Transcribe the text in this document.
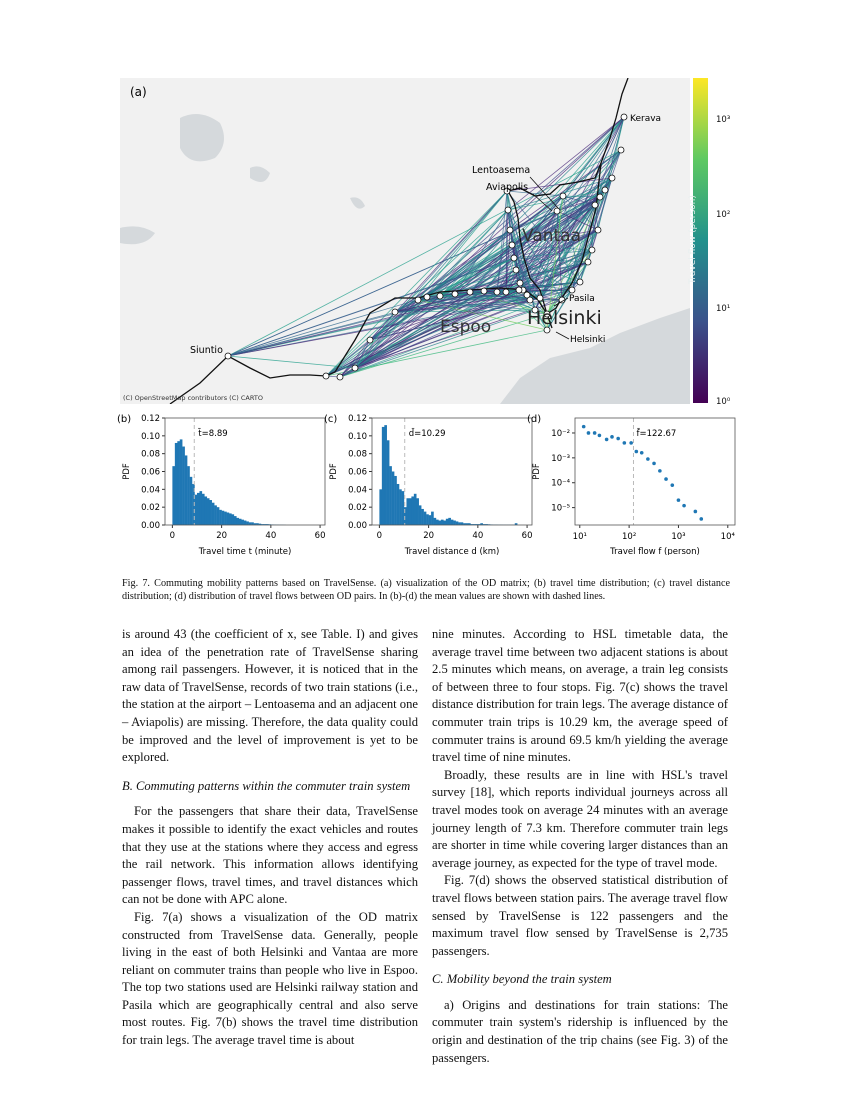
(a)
Kerava
Lentoasema
Aviapolis
Pasila
Helsinki
Siuntio
Vantaa
Espoo Helsinki
(C) OpenStreetMap contributors (C) CARTO
Travel flow (person)
10⁰
10¹
10²
10³
t̄=8.89
0	20	40	60
0.00
0.02
0.04
0.06
0.08
0.10
0.12
(b)
Travel time t (minute)
PDF
d̄=10.29
0	20	40	60
0.00
0.02
0.04
0.06
0.08
0.10
0.12
(c)
Travel distance d (km)
PDF
f̄=122.67
10¹	10²	10³	10⁴
10⁻⁵
10⁻⁴
10⁻³
10⁻²
(d)
Travel flow f (person)
PDF
Fig. 7. Commuting mobility patterns based on TravelSense. (a) visualization of the OD matrix; (b) travel time distribution; (c) travel distance distribution; (d) distribution of travel flows between OD pairs. In (b)-(d) the mean values are shown with dashed lines.

is around 43 (the coefficient of x, see Table. I) and gives an idea of the penetration rate of TravelSense sharing among rail passengers. However, it is noticed that in the raw data of TravelSense, records of two train stations (i.e., the station at the airport – Lentoasema and an adjacent one – Aviapolis) are missing. Therefore, the data quality could be improved and the level of improvement is yet to be explored.

B. Commuting patterns within the commuter train system

For the passengers that share their data, TravelSense makes it possible to identify the exact vehicles and routes that they use at the stations where they access and egress the rail network. This information allows identifying passenger flows, travel times, and travel distances which can not be done with APC alone.

Fig. 7(a) shows a visualization of the OD matrix constructed from TravelSense data. Generally, people living in the east of both Helsinki and Vantaa are more reliant on commuter trains than people who live in Espoo. The top two stations used are Helsinki railway station and Pasila which are geographically central and also serve most routes. Fig. 7(b) shows the travel time distribution for train legs. The average travel time is about

nine minutes. According to HSL timetable data, the average travel time between two adjacent stations is about 2.5 minutes which means, on average, a train leg consists of between three to four stops. Fig. 7(c) shows the travel distance distribution for train legs. The average distance of commuter train trips is 10.29 km, the average speed of commuter trains is around 69.5 km/h yielding the average travel time of nine minutes.

Broadly, these results are in line with HSL's travel survey [18], which reports individual journeys across all travel modes took on average 24 minutes with an average journey length of 7.3 km. Therefore commuter train legs are shorter in time while covering larger distances than an average journey, as expected for the type of travel mode.

Fig. 7(d) shows the observed statistical distribution of travel flows between station pairs. The average travel flow sensed by TravelSense is 122 passengers and the maximum travel flow sensed by TravelSense is 2,735 passengers.

C. Mobility beyond the train system

a) Origins and destinations for train stations: The commuter train system's ridership is influenced by the origin and destination of the trip chains (see Fig. 3) of the passengers.
